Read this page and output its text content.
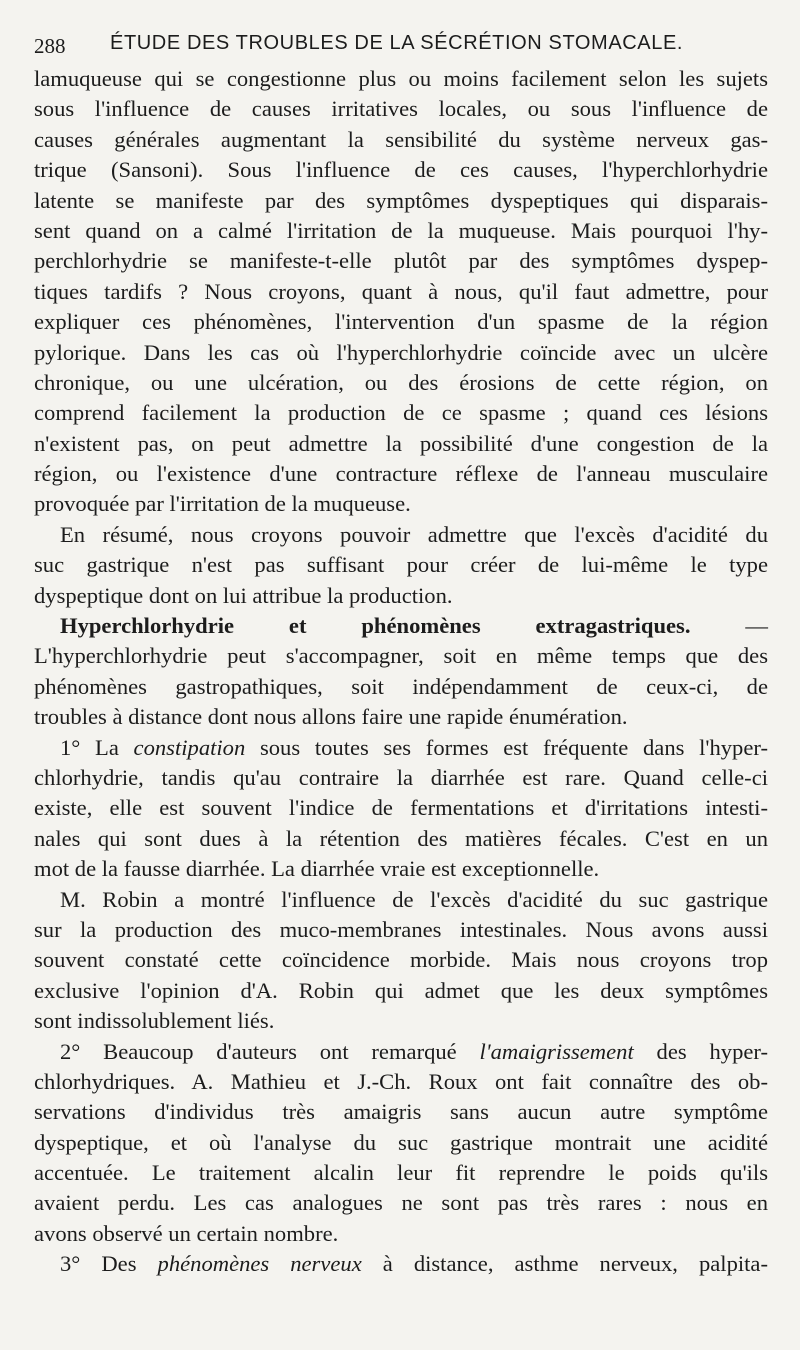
288 ÉTUDE DES TROUBLES DE LA SÉCRÉTION STOMACALE.
lamuqueuse qui se congestionne plus ou moins facilement selon les sujets
sous l'influence de causes irritatives locales, ou sous l'influence de
causes générales augmentant la sensibilité du système nerveux gas-
trique (Sansoni). Sous l'influence de ces causes, l'hyperchlorhydrie
latente se manifeste par des symptômes dyspeptiques qui disparais-
sent quand on a calmé l'irritation de la muqueuse. Mais pourquoi l'hy-
perchlorhydrie se manifeste-t-elle plutôt par des symptômes dyspep-
tiques tardifs ? Nous croyons, quant à nous, qu'il faut admettre, pour
expliquer ces phénomènes, l'intervention d'un spasme de la région
pylorique. Dans les cas où l'hyperchlorhydrie coïncide avec un ulcère
chronique, ou une ulcération, ou des érosions de cette région, on
comprend facilement la production de ce spasme ; quand ces lésions
n'existent pas, on peut admettre la possibilité d'une congestion de la
région, ou l'existence d'une contracture réflexe de l'anneau musculaire
provoquée par l'irritation de la muqueuse.
En résumé, nous croyons pouvoir admettre que l'excès d'acidité du
suc gastrique n'est pas suffisant pour créer de lui-même le type
dyspeptique dont on lui attribue la production.
Hyperchlorhydrie et phénomènes extragastriques. —
L'hyperchlorhydrie peut s'accompagner, soit en même temps que des
phénomènes gastropathiques, soit indépendamment de ceux-ci, de
troubles à distance dont nous allons faire une rapide énumération.
1° La constipation sous toutes ses formes est fréquente dans l'hyper-
chlorhydrie, tandis qu'au contraire la diarrhée est rare. Quand celle-ci
existe, elle est souvent l'indice de fermentations et d'irritations intesti-
nales qui sont dues à la rétention des matières fécales. C'est en un
mot de la fausse diarrhée. La diarrhée vraie est exceptionnelle.
M. Robin a montré l'influence de l'excès d'acidité du suc gastrique
sur la production des muco-membranes intestinales. Nous avons aussi
souvent constaté cette coïncidence morbide. Mais nous croyons trop
exclusive l'opinion d'A. Robin qui admet que les deux symptômes
sont indissolublement liés.
2° Beaucoup d'auteurs ont remarqué l'amaigrissement des hyper-
chlorhydriques. A. Mathieu et J.-Ch. Roux ont fait connaître des ob-
servations d'individus très amaigris sans aucun autre symptôme
dyspeptique, et où l'analyse du suc gastrique montrait une acidité
accentuée. Le traitement alcalin leur fit reprendre le poids qu'ils
avaient perdu. Les cas analogues ne sont pas très rares : nous en
avons observé un certain nombre.
3° Des phénomènes nerveux à distance, asthme nerveux, palpita-
